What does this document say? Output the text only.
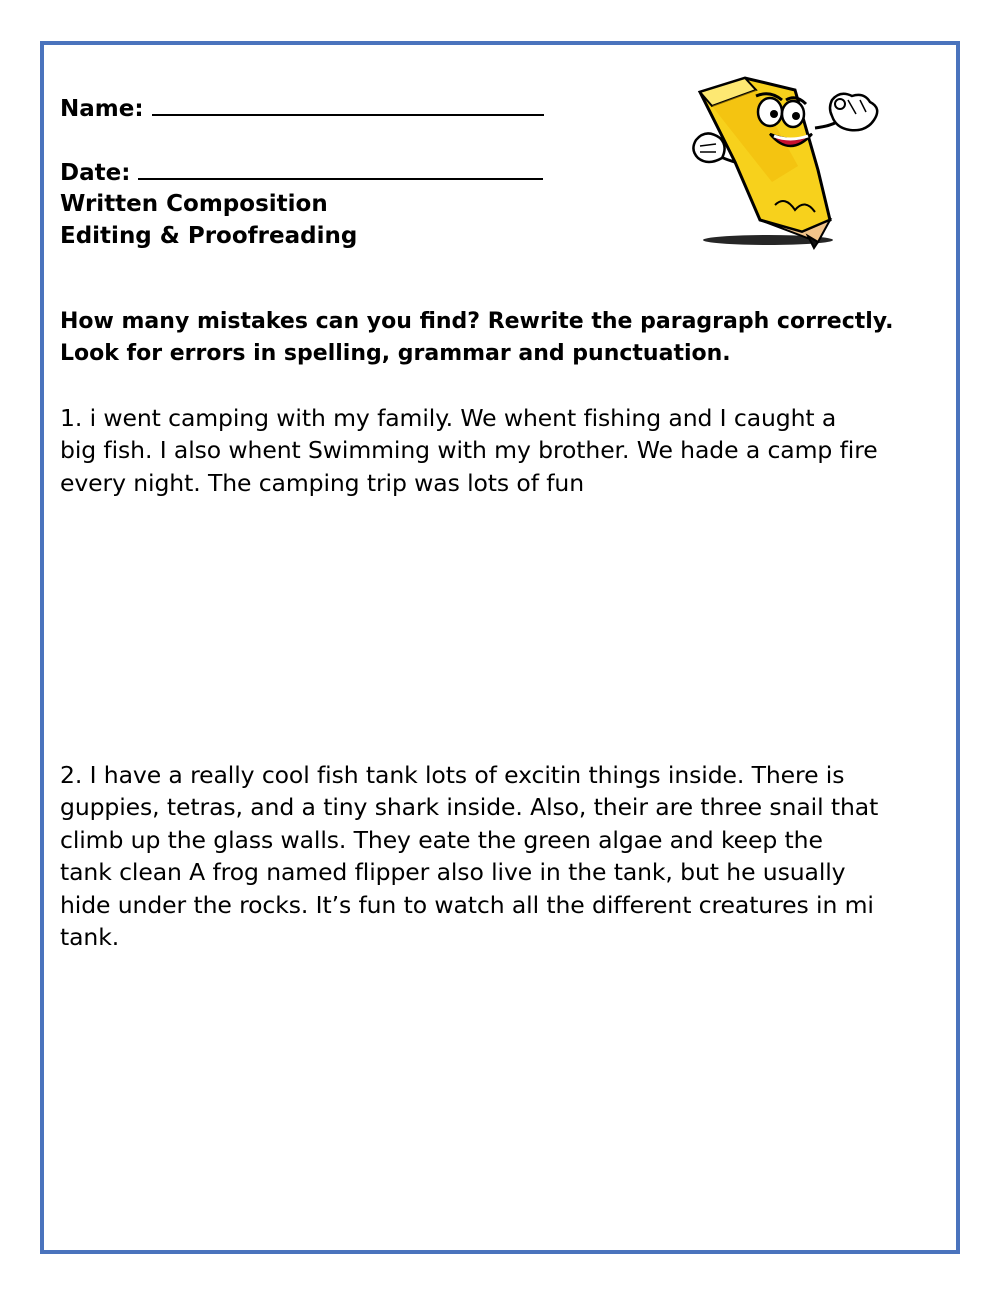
Name:
Date:
Written Composition
Editing & Proofreading
How many mistakes can you find? Rewrite the paragraph correctly.
Look for errors in spelling, grammar and punctuation.
1. i went camping with my family. We whent fishing and I caught a
big fish. I also whent Swimming with my brother. We hade a camp fire
every night. The camping trip was lots of fun
2. I have a really cool fish tank lots of excitin things inside. There is
guppies, tetras, and a tiny shark inside. Also, their are three snail that
climb up the glass walls. They eate the green algae and keep the
tank clean A frog named flipper also live in the tank, but he usually
hide under the rocks. It’s fun to watch all the different creatures in mi
tank.
